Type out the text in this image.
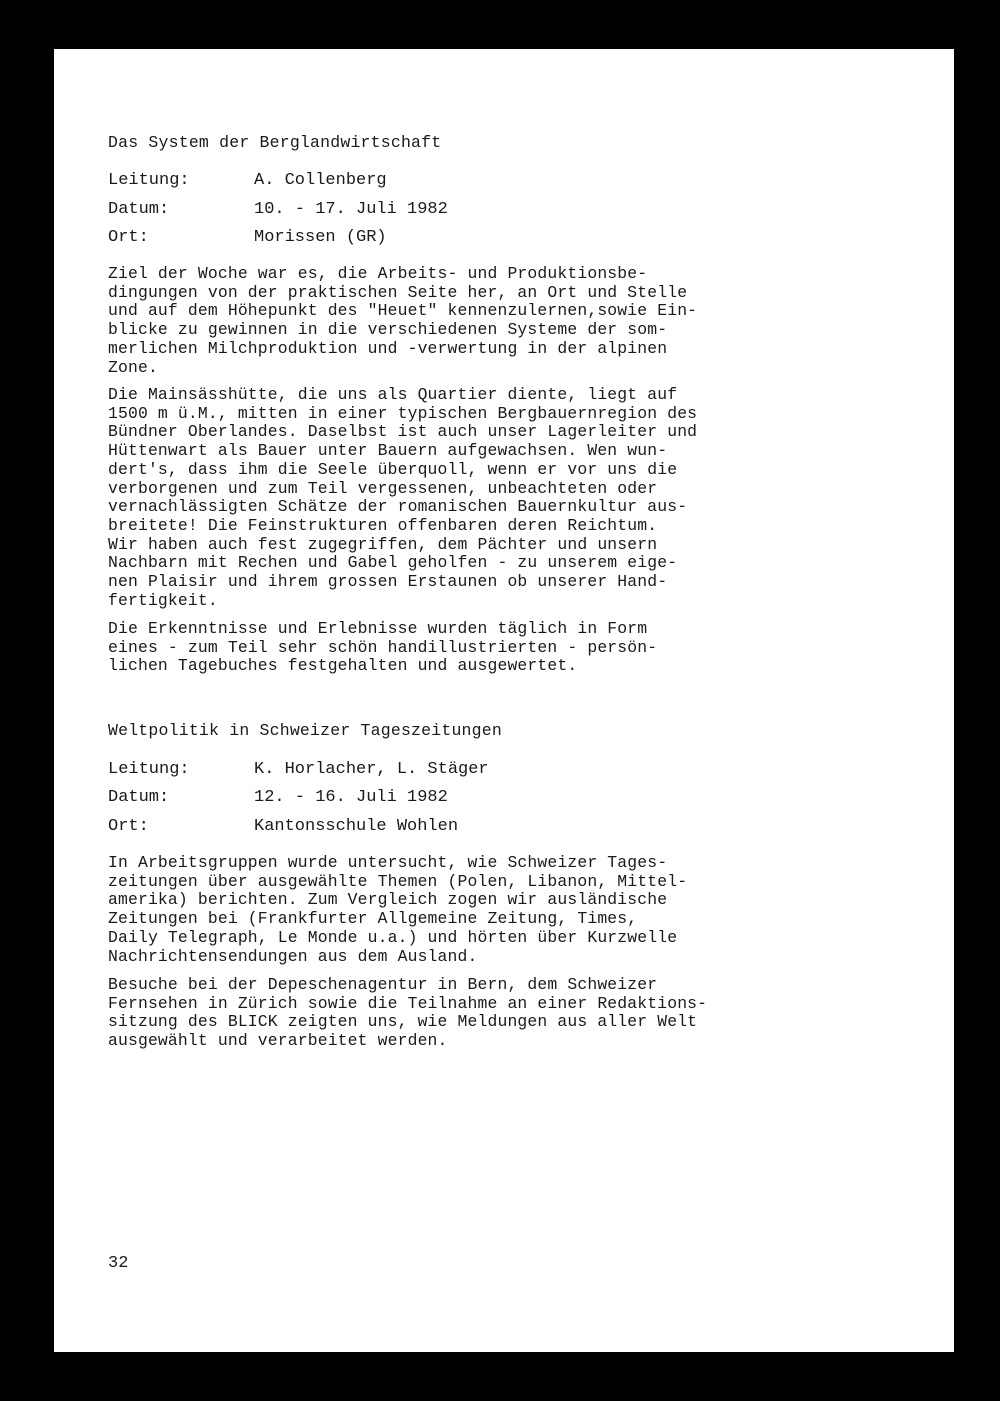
Das System der Berglandwirtschaft
Leitung:	A. Collenberg
Datum:	10. - 17. Juli 1982
Ort:	Morissen (GR)
Ziel der Woche war es, die Arbeits- und Produktionsbe-
dingungen von der praktischen Seite her, an Ort und Stelle
und auf dem Höhepunkt des "Heuet" kennenzulernen,sowie Ein-
blicke zu gewinnen in die verschiedenen Systeme der som-
merlichen Milchproduktion und -verwertung in der alpinen
Zone.
Die Mainsässhütte, die uns als Quartier diente, liegt auf
1500 m ü.M., mitten in einer typischen Bergbauernregion des
Bündner Oberlandes. Daselbst ist auch unser Lagerleiter und
Hüttenwart als Bauer unter Bauern aufgewachsen. Wen wun-
dert's, dass ihm die Seele überquoll, wenn er vor uns die
verborgenen und zum Teil vergessenen, unbeachteten oder
vernachlässigten Schätze der romanischen Bauernkultur aus-
breitete! Die Feinstrukturen offenbaren deren Reichtum.
Wir haben auch fest zugegriffen, dem Pächter und unsern
Nachbarn mit Rechen und Gabel geholfen - zu unserem eige-
nen Plaisir und ihrem grossen Erstaunen ob unserer Hand-
fertigkeit.
Die Erkenntnisse und Erlebnisse wurden täglich in Form
eines - zum Teil sehr schön handillustrierten - persön-
lichen Tagebuches festgehalten und ausgewertet.
Weltpolitik in Schweizer Tageszeitungen
Leitung:	K. Horlacher, L. Stäger
Datum:	12. - 16. Juli 1982
Ort:	Kantonsschule Wohlen
In Arbeitsgruppen wurde untersucht, wie Schweizer Tages-
zeitungen über ausgewählte Themen (Polen, Libanon, Mittel-
amerika) berichten. Zum Vergleich zogen wir ausländische
Zeitungen bei (Frankfurter Allgemeine Zeitung, Times,
Daily Telegraph, Le Monde u.a.) und hörten über Kurzwelle
Nachrichtensendungen aus dem Ausland.
Besuche bei der Depeschenagentur in Bern, dem Schweizer
Fernsehen in Zürich sowie die Teilnahme an einer Redaktions-
sitzung des BLICK zeigten uns, wie Meldungen aus aller Welt
ausgewählt und verarbeitet werden.
32
